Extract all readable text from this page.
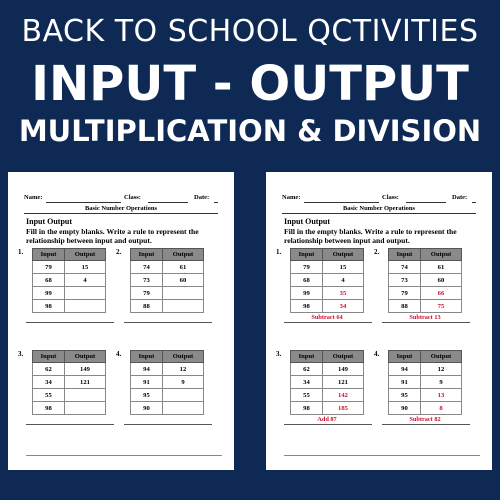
BACK TO SCHOOL QCTIVITIES
INPUT - OUTPUT
MULTIPLICATION & DIVISION
Name:	Class:	Date:
Basic Number Operations
Input Output
Fill in the empty blanks. Write a rule to represent the relationship between input and output.
1.	Input	Output
79	15
68	4
99	
98	
2.	Input	Output
74	61
73	60
79	
88	
3.	Input	Output
62	149
34	121
55	
98	
4.	Input	Output
94	12
91	9
95	
90	
Name:	Class:	Date:
Basic Number Operations
Input Output
Fill in the empty blanks. Write a rule to represent the relationship between input and output.
1.	Input	Output
79	15
68	4
99	35
98	34
Subtract 64
2.	Input	Output
74	61
73	60
79	66
88	75
Subtract 13
3.	Input	Output
62	149
34	121
55	142
98	185
Add 87
4.	Input	Output
94	12
91	9
95	13
90	8
Subtract 82
